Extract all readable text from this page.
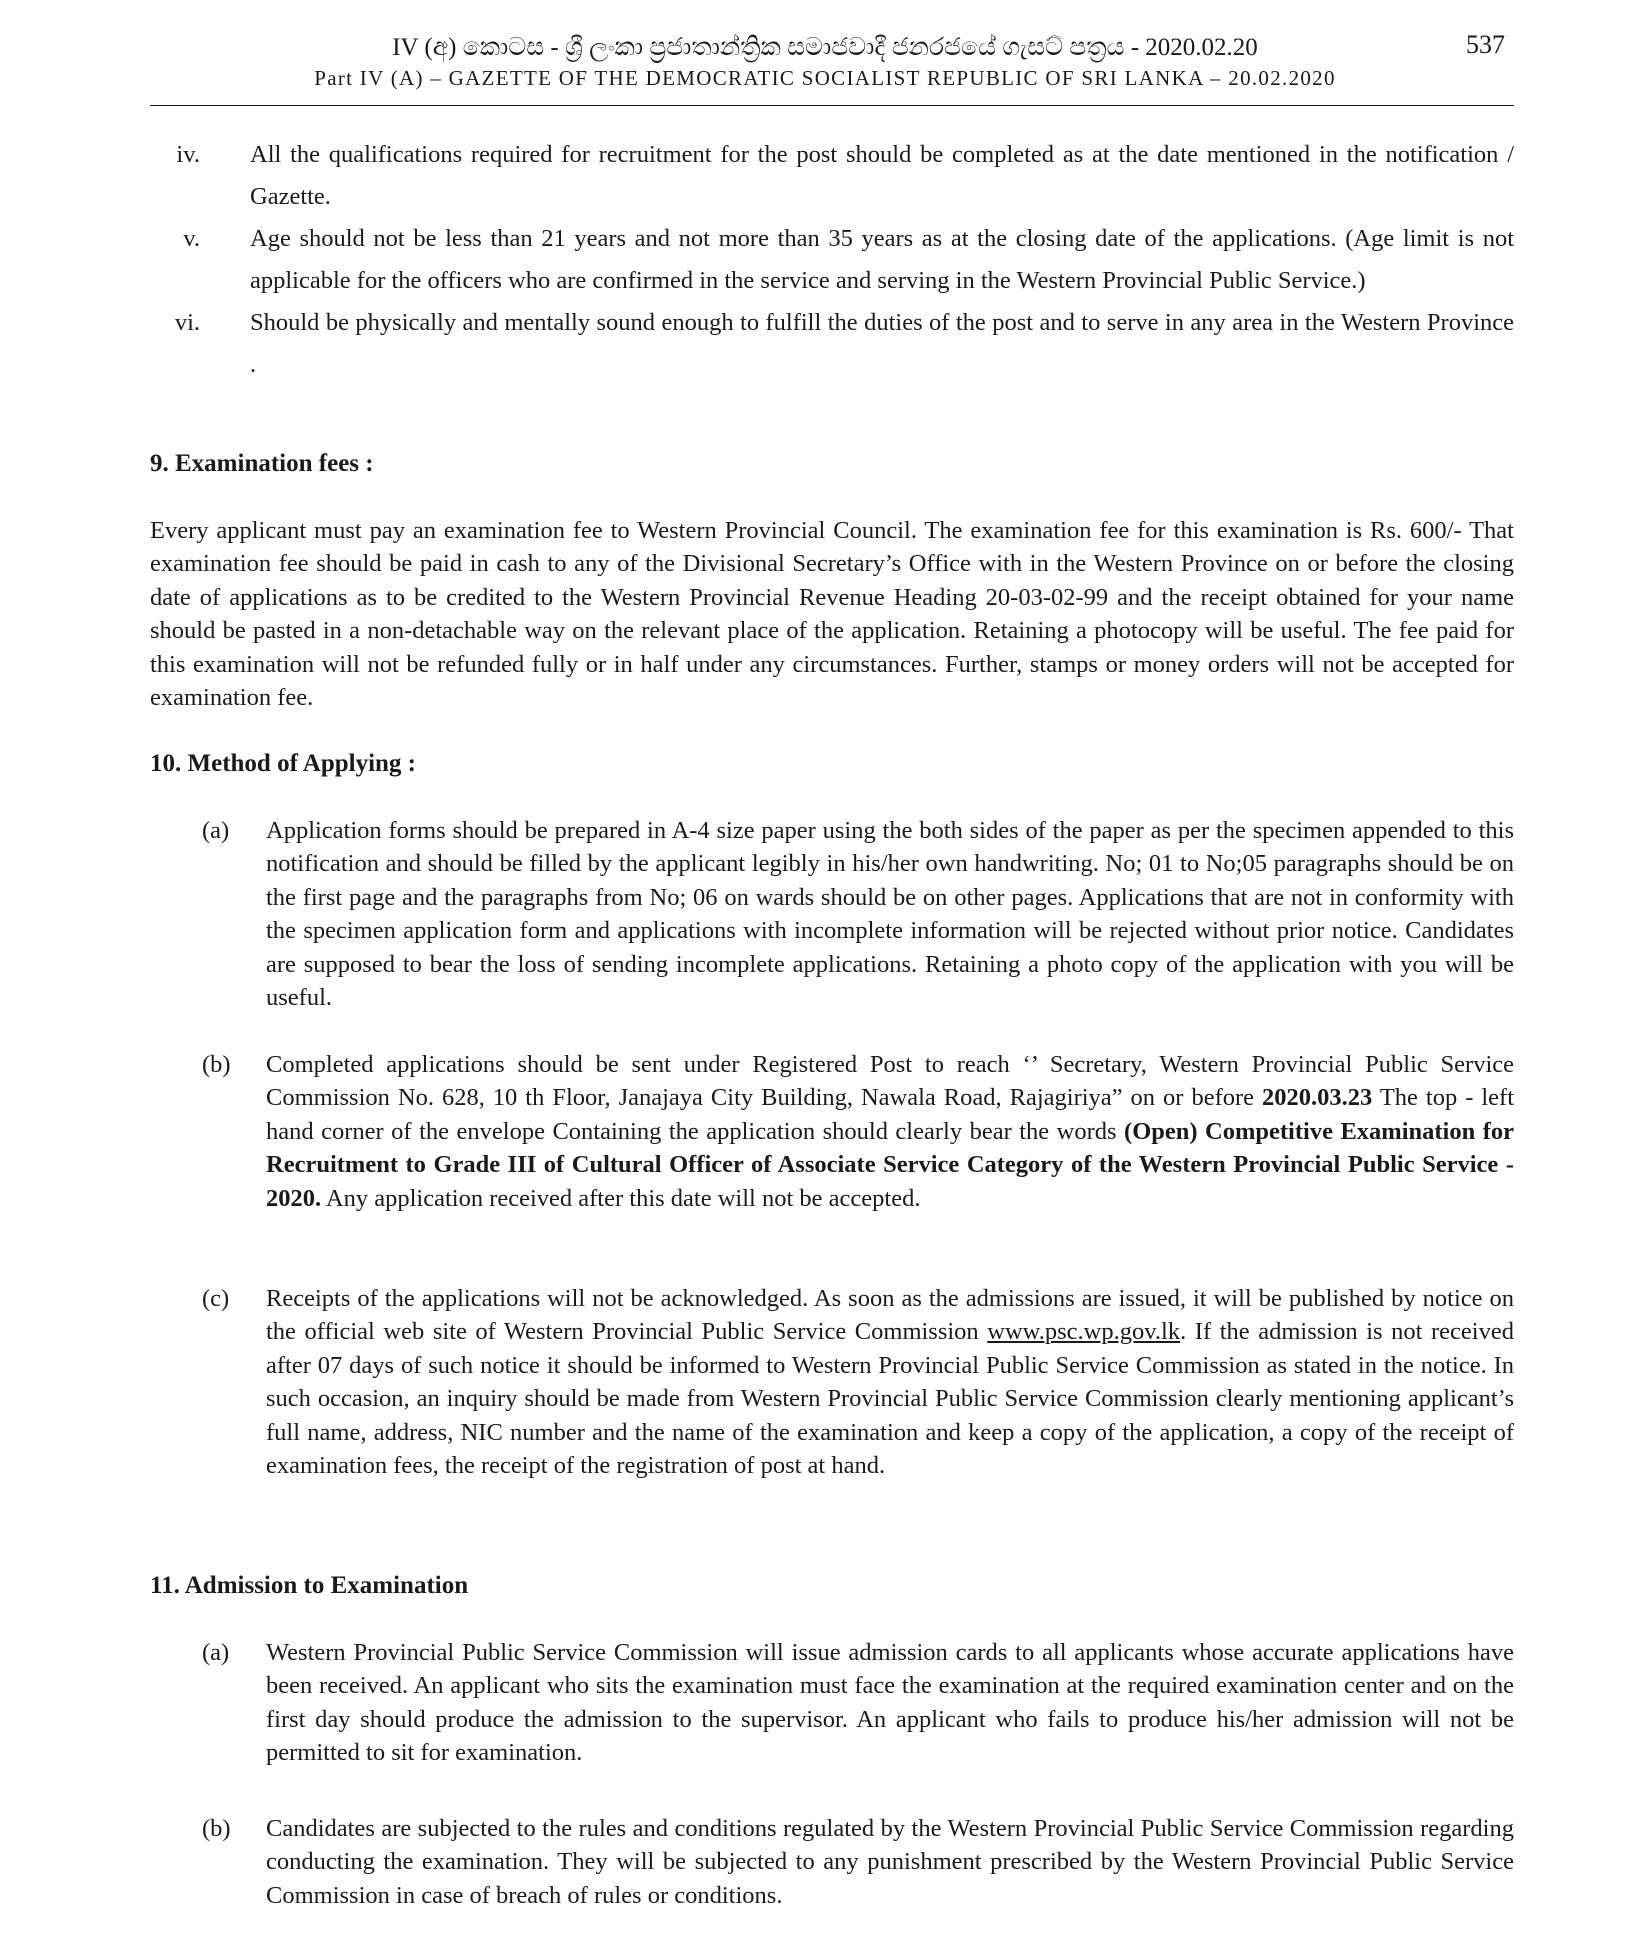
IV (අ) කොටස - ශ්‍රී ලංකා ප්‍රජාතාන්ත්‍රික සමාජවාදී ජනරජයේ ගැසට් පත්‍රය - 2020.02.20
Part IV (A) – GAZETTE OF THE DEMOCRATIC SOCIALIST REPUBLIC OF SRI LANKA – 20.02.2020
537
iv. All the qualifications required for recruitment for the post should be completed as at the date mentioned in the notification / Gazette.
v. Age should not be less than 21 years and not more than 35 years as at the closing date of the applications. (Age limit is not applicable for the officers who are confirmed in the service and serving in the Western Provincial Public Service.)
vi. Should be physically and mentally sound enough to fulfill the duties of the post and to serve in any area in the Western Province .
9. Examination fees :
Every applicant must pay an examination fee to Western Provincial Council. The examination fee for this examination is Rs. 600/- That examination fee should be paid in cash to any of the Divisional Secretary’s Office with in the Western Province on or before the closing date of applications as to be credited to the Western Provincial Revenue Heading 20-03-02-99 and the receipt obtained for your name should be pasted in a non-detachable way on the relevant place of the application. Retaining a photocopy will be useful. The fee paid for this examination will not be refunded fully or in half under any circumstances. Further, stamps or money orders will not be accepted for examination fee.
10. Method of Applying :
(a) Application forms should be prepared in A-4 size paper using the both sides of the paper as per the specimen appended to this notification and should be filled by the applicant legibly in his/her own handwriting. No; 01 to No;05 paragraphs should be on the first page and the paragraphs from No; 06 on wards should be on other pages. Applications that are not in conformity with the specimen application form and applications with incomplete information will be rejected without prior notice. Candidates are supposed to bear the loss of sending incomplete applications. Retaining a photo copy of the application with you will be useful.
(b) Completed applications should be sent under Registered Post to reach ‘’ Secretary, Western Provincial Public Service Commission No. 628, 10 th Floor, Janajaya City Building, Nawala Road, Rajagiriya” on or before 2020.03.23 The top - left hand corner of the envelope Containing the application should clearly bear the words (Open) Competitive Examination for Recruitment to Grade III of Cultural Officer of Associate Service Category of the Western Provincial Public Service - 2020. Any application received after this date will not be accepted.
(c) Receipts of the applications will not be acknowledged. As soon as the admissions are issued, it will be published by notice on the official web site of Western Provincial Public Service Commission www.psc.wp.gov.lk. If the admission is not received after 07 days of such notice it should be informed to Western Provincial Public Service Commission as stated in the notice. In such occasion, an inquiry should be made from Western Provincial Public Service Commission clearly mentioning applicant’s full name, address, NIC number and the name of the examination and keep a copy of the application, a copy of the receipt of examination fees, the receipt of the registration of post at hand.
11. Admission to Examination
(a) Western Provincial Public Service Commission will issue admission cards to all applicants whose accurate applications have been received. An applicant who sits the examination must face the examination at the required examination center and on the first day should produce the admission to the supervisor. An applicant who fails to produce his/her admission will not be permitted to sit for examination.
(b) Candidates are subjected to the rules and conditions regulated by the Western Provincial Public Service Commission regarding conducting the examination. They will be subjected to any punishment prescribed by the Western Provincial Public Service Commission in case of breach of rules or conditions.
